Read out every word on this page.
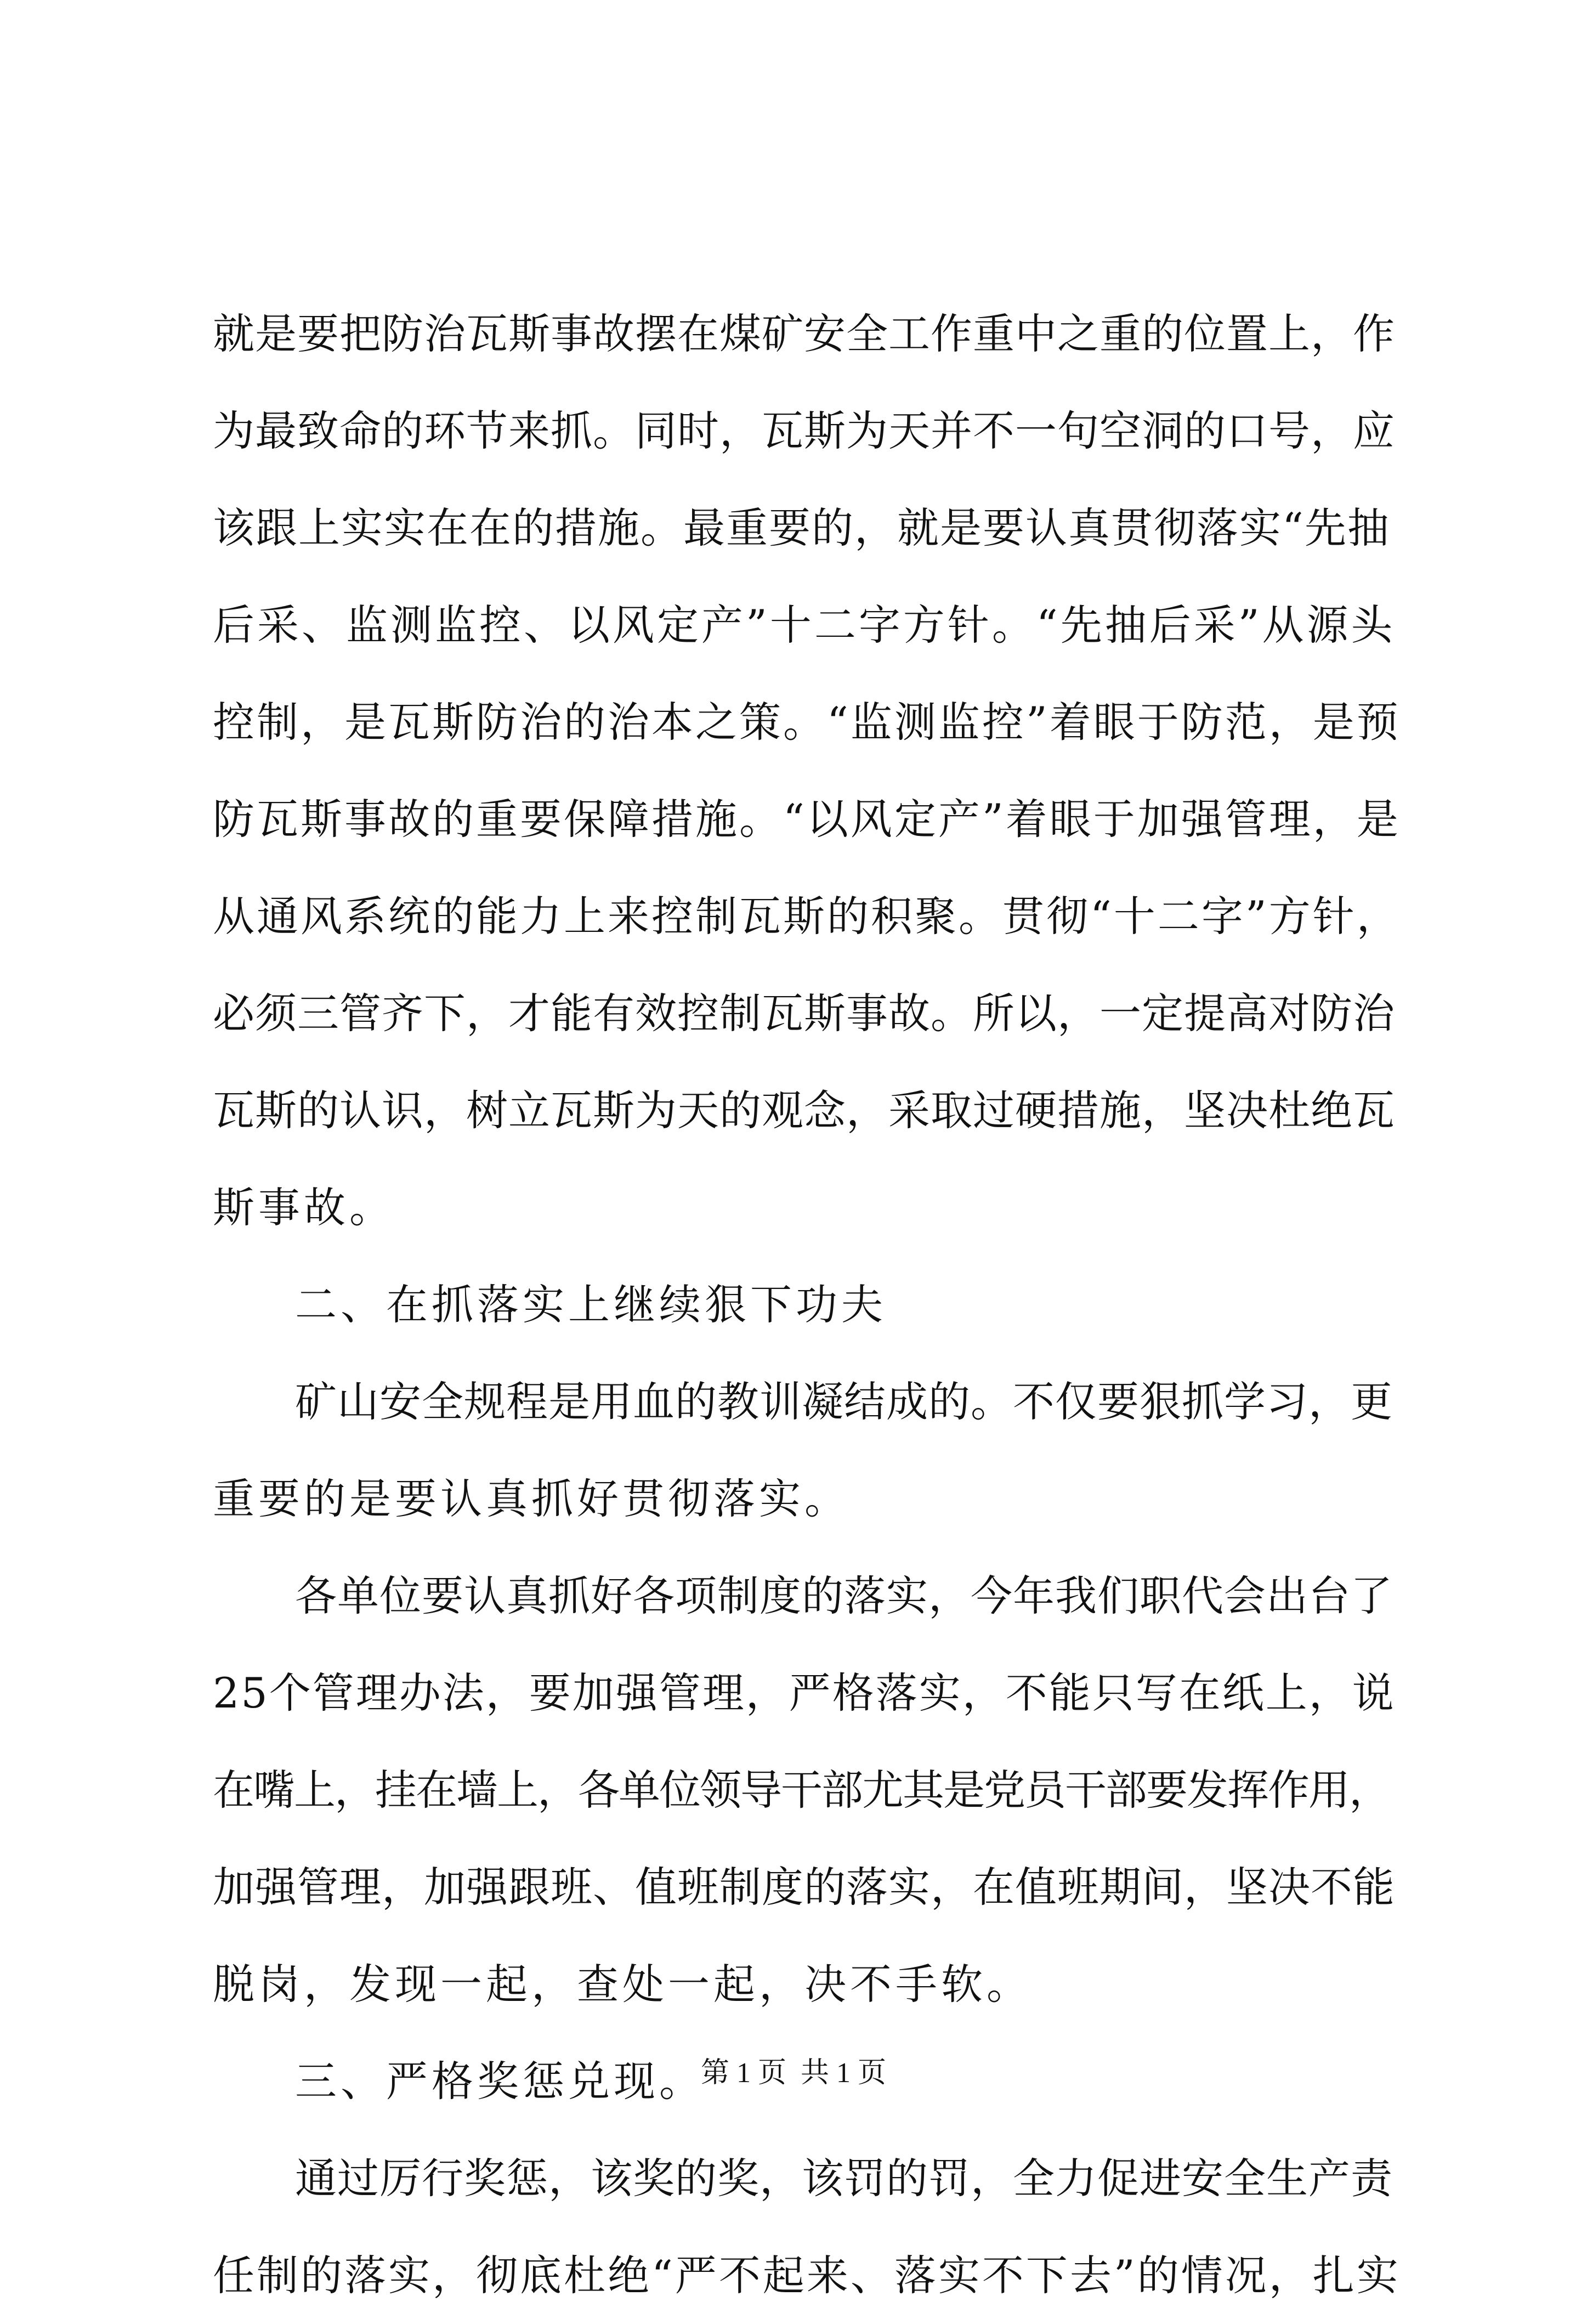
就是要把防治瓦斯事故摆在煤矿安全工作重中之重的位置上，作
为最致命的环节来抓。同时，瓦斯为天并不一句空洞的口号，应
该跟上实实在在的措施。最重要的，就是要认真贯彻落实“先抽
后采、监测监控、以风定产”十二字方针。“先抽后采”从源头
控制，是瓦斯防治的治本之策。“监测监控”着眼于防范，是预
防瓦斯事故的重要保障措施。“以风定产”着眼于加强管理，是
从通风系统的能力上来控制瓦斯的积聚。贯彻“十二字”方针，
必须三管齐下，才能有效控制瓦斯事故。所以，一定提高对防治
瓦斯的认识，树立瓦斯为天的观念，采取过硬措施，坚决杜绝瓦
斯事故。
二、在抓落实上继续狠下功夫
矿山安全规程是用血的教训凝结成的。不仅要狠抓学习，更
重要的是要认真抓好贯彻落实。
各单位要认真抓好各项制度的落实，今年我们职代会出台了
25个管理办法，要加强管理，严格落实，不能只写在纸上，说
在嘴上，挂在墙上，各单位领导干部尤其是党员干部要发挥作用，
加强管理，加强跟班、值班制度的落实，在值班期间，坚决不能
脱岗，发现一起，查处一起，决不手软。
三、严格奖惩兑现。
通过厉行奖惩，该奖的奖，该罚的罚，全力促进安全生产责
任制的落实，彻底杜绝“严不起来、落实不下去”的情况，扎实
第 1 页 共 1 页
